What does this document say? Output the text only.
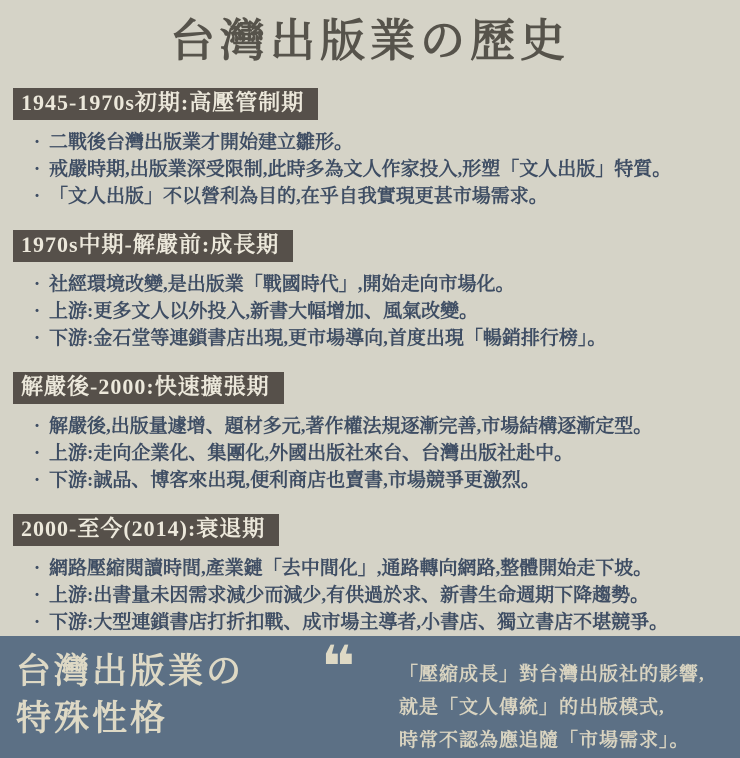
台灣出版業の歷史
1945-1970s初期:高壓管制期
· 二戰後台灣出版業才開始建立雛形。
· 戒嚴時期,出版業深受限制,此時多為文人作家投入,形塑「文人出版」特質。
· 「文人出版」不以營利為目的,在乎自我實現更甚市場需求。
1970s中期-解嚴前:成長期
· 社經環境改變,是出版業「戰國時代」,開始走向市場化。
· 上游:更多文人以外投入,新書大幅增加、風氣改變。
· 下游:金石堂等連鎖書店出現,更市場導向,首度出現「暢銷排行榜」。
解嚴後-2000:快速擴張期
· 解嚴後,出版量遽增、題材多元,著作權法規逐漸完善,市場結構逐漸定型。
· 上游:走向企業化、集團化,外國出版社來台、台灣出版社赴中。
· 下游:誠品、博客來出現,便利商店也賣書,市場競爭更激烈。
2000-至今(2014):衰退期
· 網路壓縮閱讀時間,產業鏈「去中間化」,通路轉向網路,整體開始走下坡。
· 上游:出書量未因需求減少而減少,有供過於求、新書生命週期下降趨勢。
· 下游:大型連鎖書店打折扣戰、成市場主導者,小書店、獨立書店不堪競爭。
台灣出版業の
特殊性格
❝	「壓縮成長」對台灣出版社的影響,
就是「文人傳統」的出版模式,
時常不認為應追隨「市場需求」。
